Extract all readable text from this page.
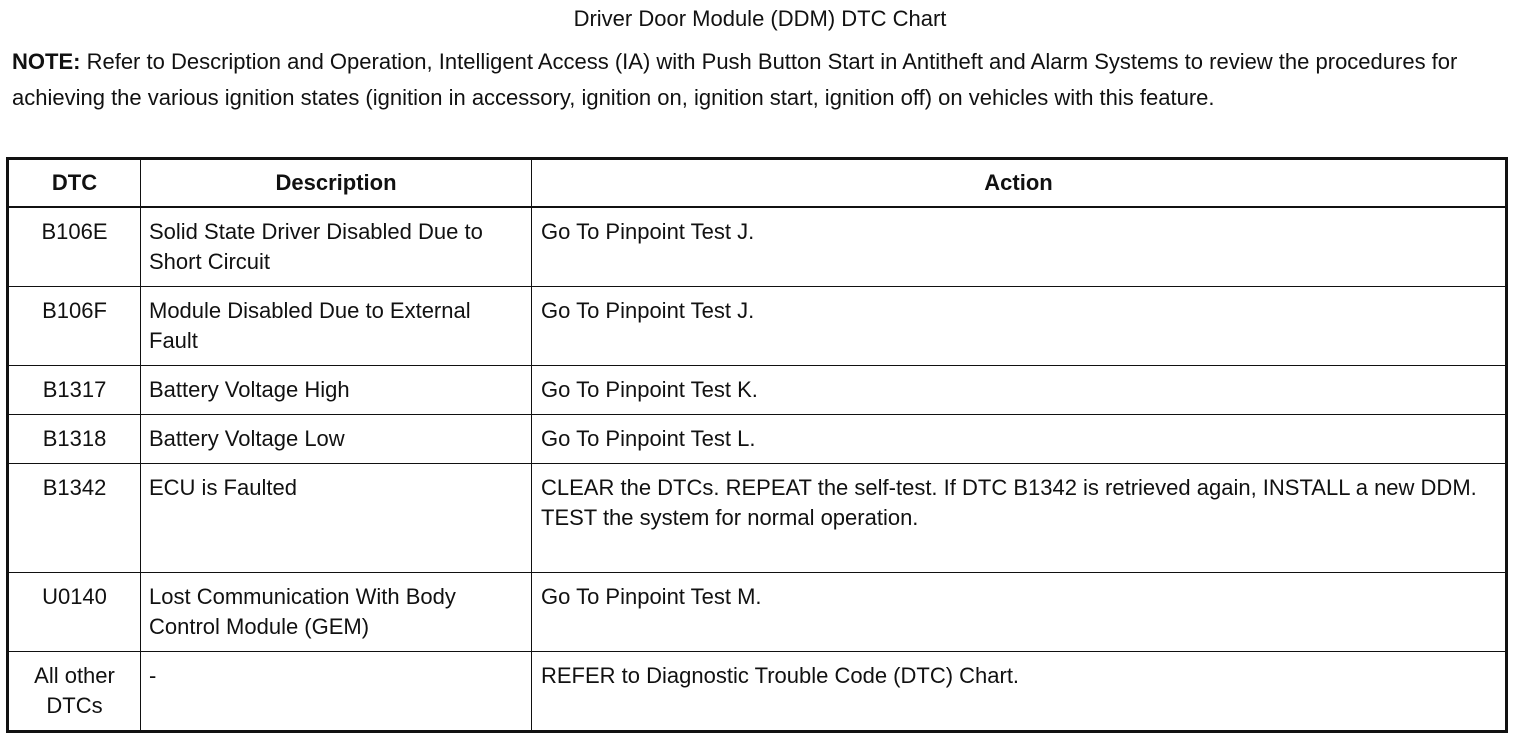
Driver Door Module (DDM) DTC Chart
NOTE: Refer to Description and Operation, Intelligent Access (IA) with Push Button Start in Antitheft and Alarm Systems to review the procedures for achieving the various ignition states (ignition in accessory, ignition on, ignition start, ignition off) on vehicles with this feature.
DTC	Description	Action
B106E	Solid State Driver Disabled Due to Short Circuit	Go To Pinpoint Test J.
B106F	Module Disabled Due to External Fault	Go To Pinpoint Test J.
B1317	Battery Voltage High	Go To Pinpoint Test K.
B1318	Battery Voltage Low	Go To Pinpoint Test L.
B1342	ECU is Faulted	CLEAR the DTCs. REPEAT the self-test. If DTC B1342 is retrieved again, INSTALL a new DDM. TEST the system for normal operation.
U0140	Lost Communication With Body Control Module (GEM)	Go To Pinpoint Test M.
All other DTCs	-	REFER to Diagnostic Trouble Code (DTC) Chart.
